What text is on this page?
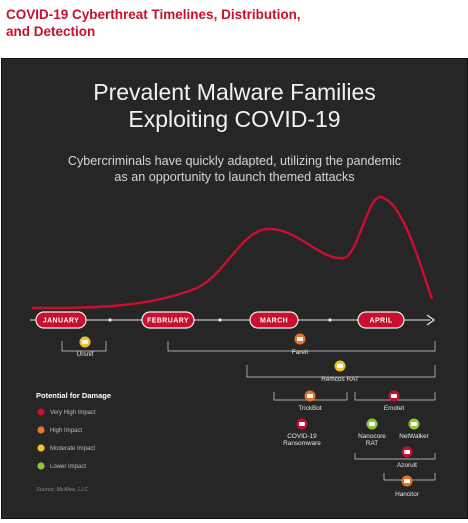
COVID-19 Cyberthreat Timelines, Distribution, and Detection
Prevalent Malware Families
Exploiting COVID-19
Cybercriminals have quickly adapted, utilizing the pandemic
as an opportunity to launch themed attacks
JANUARY	FEBRUARY	MARCH	APRIL
Ursnif	Fareit
Remcos RAT
TrickBot	Emotet
COVID-19
Ransomware
Nanocore
RAT
NetWalker
Azorult
Hancitor
Potential for Damage
Very High Impact
High Impact
Moderate Impact
Lower Impact
Source: McAfee, LLC
